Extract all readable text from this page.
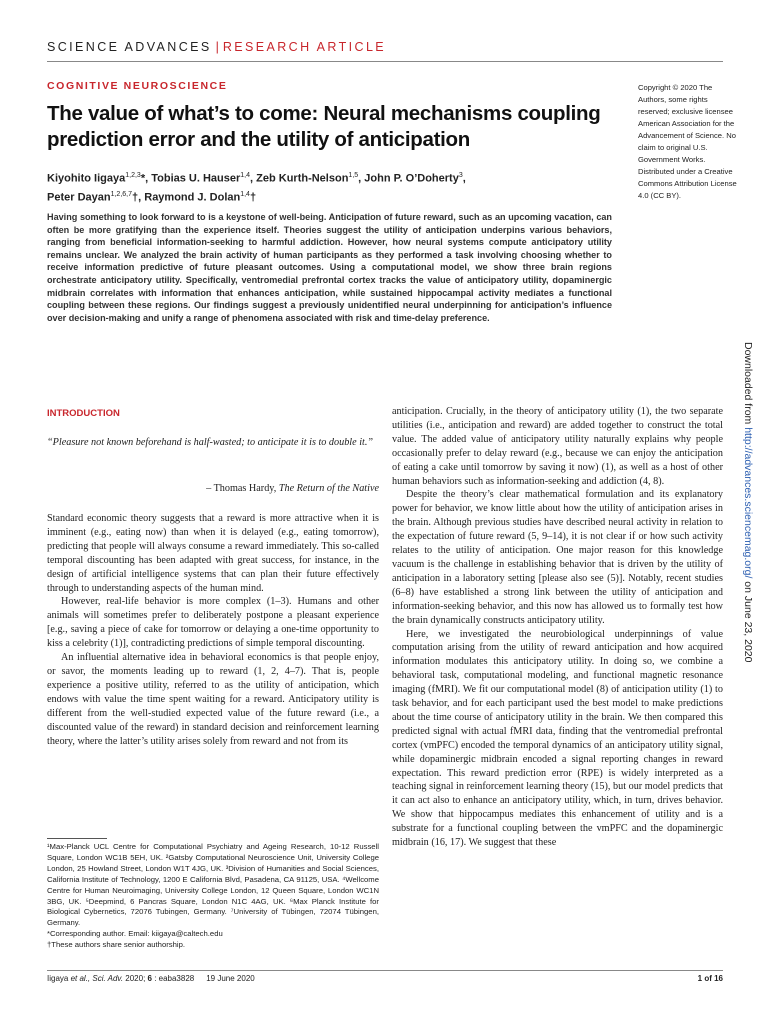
SCIENCE ADVANCES | RESEARCH ARTICLE
COGNITIVE NEUROSCIENCE
The value of what’s to come: Neural mechanisms coupling prediction error and the utility of anticipation
Kiyohito Iigaya$^{1,2,3}$*, Tobias U. Hauser$^{1,4}$, Zeb Kurth-Nelson$^{1,5}$, John P. O’Doherty$^3$,
Peter Dayan$^{1,2,6,7}$†, Raymond J. Dolan$^{1,4}$†

Having something to look forward to is a keystone of well-being. Anticipation of future reward, such as an upcoming vacation, can often be more gratifying than the experience itself. Theories suggest the utility of anticipation underpins various behaviors, ranging from beneficial information-seeking to harmful addiction. However, how neural systems compute anticipatory utility remains unclear. We analyzed the brain activity of human participants as they performed a task involving choosing whether to receive information predictive of future pleasant outcomes. Using a computational model, we show three brain regions orchestrate anticipatory utility. Specifically, ventromedial prefrontal cortex tracks the value of anticipatory utility, dopaminergic midbrain correlates with information that enhances anticipation, while sustained hippocampal activity mediates a functional coupling between these regions. Our findings suggest a previously unidentified neural underpinning for anticipation’s influence over decision-making and unify a range of phenomena associated with risk and time-delay preference.

Copyright © 2020 The Authors, some rights reserved; exclusive licensee American Association for the Advancement of Science. No claim to original U.S. Government Works. Distributed under a Creative Commons Attribution License 4.0 (CC BY).
Downloaded from http://advances.sciencemag.org/ on June 23, 2020
INTRODUCTION

“Pleasure not known beforehand is half-wasted; to anticipate it is to double it.”

– Thomas Hardy, The Return of the Native

Standard economic theory suggests that a reward is more attractive when it is imminent (e.g., eating now) than when it is delayed (e.g., eating tomorrow), predicting that people will always consume a reward immediately. This so-called temporal discounting has been adapted with great success, for instance, in the design of artificial intelligence systems that can plan their future effectively through to understanding aspects of the human mind.

However, real-life behavior is more complex (1–3). Humans and other animals will sometimes prefer to deliberately postpone a pleasant experience [e.g., saving a piece of cake for tomorrow or delaying a one-time opportunity to kiss a celebrity (1)], contradicting predictions of simple temporal discounting.

An influential alternative idea in behavioral economics is that people enjoy, or savor, the moments leading up to reward (1, 2, 4–7). That is, people experience a positive utility, referred to as the utility of anticipation, which endows with value the time spent waiting for a reward. Anticipatory utility is different from the well-studied expected value of the future reward (i.e., a discounted value of the reward) in standard decision and reinforcement learning theory, where the latter’s utility arises solely from reward and not from its

anticipation. Crucially, in the theory of anticipatory utility (1), the two separate utilities (i.e., anticipation and reward) are added together to construct the total value. The added value of anticipatory utility naturally explains why people occasionally prefer to delay reward (e.g., because we can enjoy the anticipation of eating a cake until tomorrow by saving it now) (1), as well as a host of other human behaviors such as information-seeking and addiction (4, 8).

Despite the theory’s clear mathematical formulation and its explanatory power for behavior, we know little about how the utility of anticipation arises in the brain. Although previous studies have described neural activity in relation to the expectation of future reward (5, 9–14), it is not clear if or how such activity relates to the utility of anticipation. One major reason for this knowledge vacuum is the challenge in establishing behavior that is driven by the utility of anticipation in a laboratory setting [please also see (5)]. Notably, recent studies (6–8) have established a strong link between the utility of anticipation and information-seeking behavior, and this now has allowed us to formally test how the brain dynamically constructs anticipatory utility.

Here, we investigated the neurobiological underpinnings of value computation arising from the utility of reward anticipation and how acquired information modulates this anticipatory utility. In doing so, we combine a behavioral task, computational modeling, and functional magnetic resonance imaging (fMRI). We fit our computational model (8) of anticipation utility (1) to task behavior, and for each participant used the best model to make predictions about the time course of anticipatory utility in the brain. We then compared this predicted signal with actual fMRI data, finding that the ventromedial prefrontal cortex (vmPFC) encoded the temporal dynamics of an anticipatory utility signal, while dopaminergic midbrain encoded a signal reporting changes in reward expectation. This reward prediction error (RPE) is widely interpreted as a teaching signal in reinforcement learning theory (15), but our model predicts that it can act also to enhance an anticipatory utility, which, in turn, drives behavior. We show that hippocampus mediates this enhancement of utility and is a substrate for a functional coupling between the vmPFC and the dopaminergic midbrain (16, 17). We suggest that these

¹Max-Planck UCL Centre for Computational Psychiatry and Ageing Research, 10-12 Russell Square, London WC1B 5EH, UK. ²Gatsby Computational Neuroscience Unit, University College London, 25 Howland Street, London W1T 4JG, UK. ³Division of Humanities and Social Sciences, California Institute of Technology, 1200 E California Blvd, Pasadena, CA 91125, USA. ⁴Wellcome Centre for Human Neuroimaging, University College London, 12 Queen Square, London WC1N 3BG, UK. ⁵Deepmind, 6 Pancras Square, London N1C 4AG, UK. ⁶Max Planck Institute for Biological Cybernetics, 72076 Tubingen, Germany. ⁷University of Tübingen, 72074 Tübingen, Germany.

*Corresponding author. Email: kiigaya@caltech.edu

†These authors share senior authorship.

Iigaya et al., Sci. Adv. 2020; 6 : eaba3828 19 June 2020	1 of 16
